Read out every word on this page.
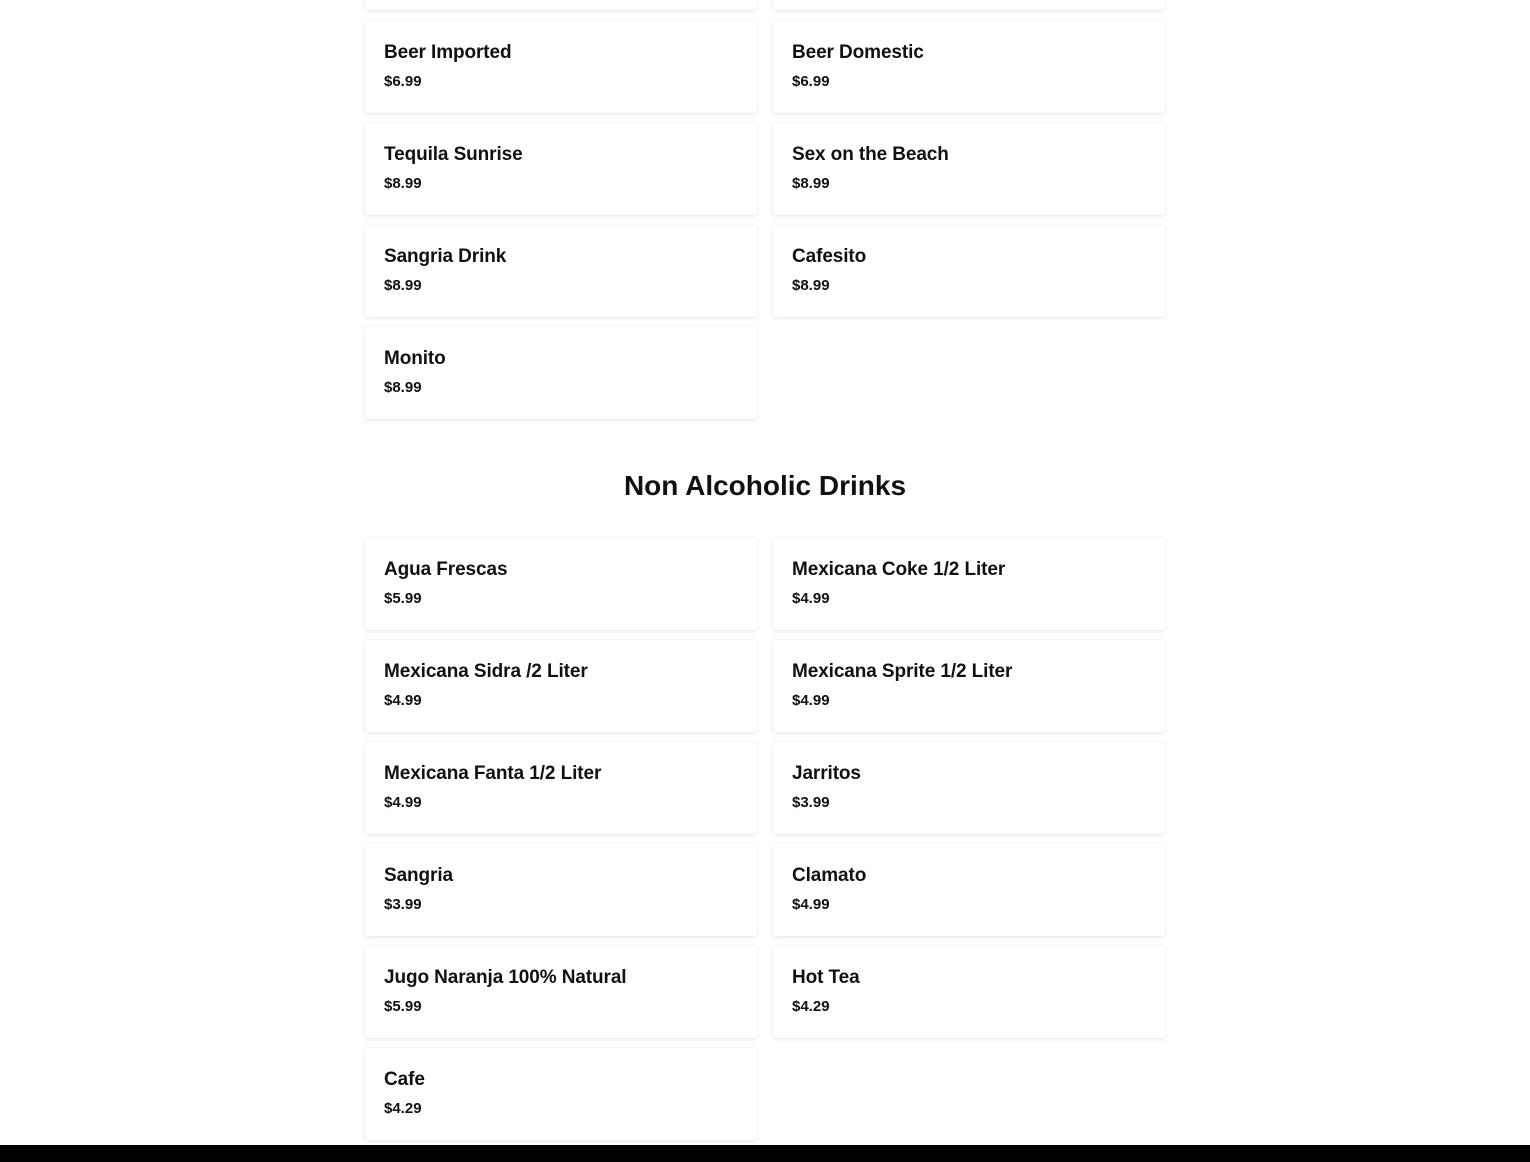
Beer Imported
$6.99
Beer Domestic
$6.99
Tequila Sunrise
$8.99
Sex on the Beach
$8.99
Sangria Drink
$8.99
Cafesito
$8.99
Monito
$8.99
Non Alcoholic Drinks
Agua Frescas
$5.99
Mexicana Coke 1/2 Liter
$4.99
Mexicana Sidra /2 Liter
$4.99
Mexicana Sprite 1/2 Liter
$4.99
Mexicana Fanta 1/2 Liter
$4.99
Jarritos
$3.99
Sangria
$3.99
Clamato
$4.99
Jugo Naranja 100% Natural
$5.99
Hot Tea
$4.29
Cafe
$4.29
